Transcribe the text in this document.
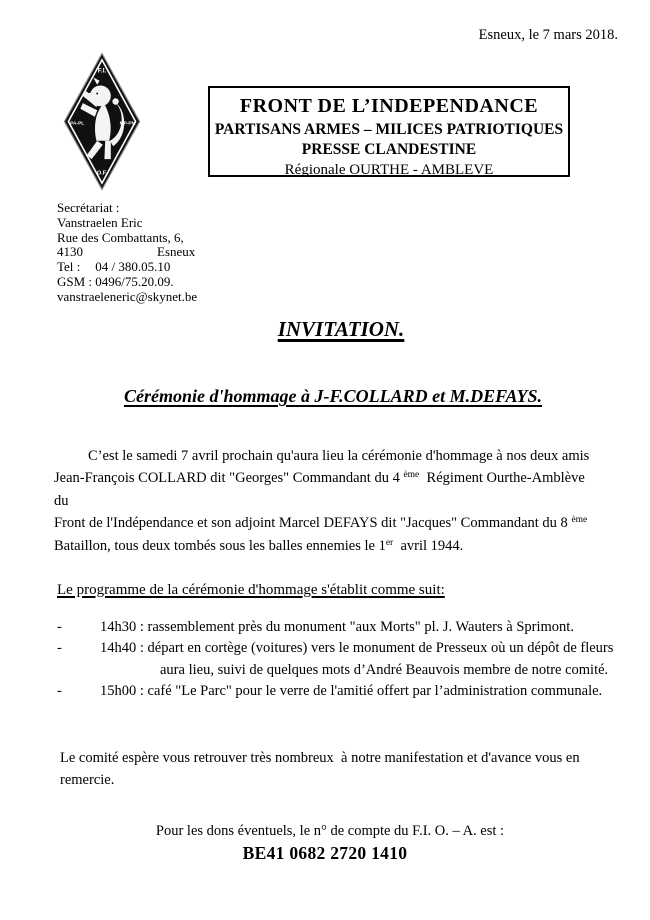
Esneux, le 7 mars 2018.
F.I.
PA-PL	MP-PM
O.F.
FRONT DE L’INDEPENDANCE
PARTISANS ARMES – MILICES PATRIOTIQUES
PRESSE CLANDESTINE
Régionale OURTHE - AMBLEVE
Secrétariat :
Vanstraelen Eric
Rue des Combattants, 6,
4130	Esneux
Tel : 04 / 380.05.10
GSM : 0496/75.20.09.
vanstraeleneric@skynet.be
INVITATION.
Cérémonie d'hommage à J-F.COLLARD et M.DEFAYS.
C’est le samedi 7 avril prochain qu'aura lieu la cérémonie d'hommage à nos deux amis
Jean-François COLLARD dit "Georges" Commandant du 4 $^{ème}$  Régiment Ourthe-Amblève
du
Front de l'Indépendance et son adjoint Marcel DEFAYS dit "Jacques" Commandant du 8 $^{ème}$
Bataillon, tous deux tombés sous les balles ennemies le 1er  avril 1944.
Le programme de la cérémonie d'hommage s'établit comme suit:
-	14h30 : rassemblement près du monument "aux Morts" pl. J. Wauters à Sprimont.
-	14h40 : départ en cortège (voitures) vers le monument de Presseux où un dépôt de fleurs
aura lieu, suivi de quelques mots d’André Beauvois membre de notre comité.
-	15h00 : café "Le Parc" pour le verre de l'amitié offert par l’administration communale.
Le comité espère vous retrouver très nombreux  à notre manifestation et d'avance vous en
remercie.
Pour les dons éventuels, le n° de compte du F.I. O. – A. est :
BE41 0682 2720 1410
